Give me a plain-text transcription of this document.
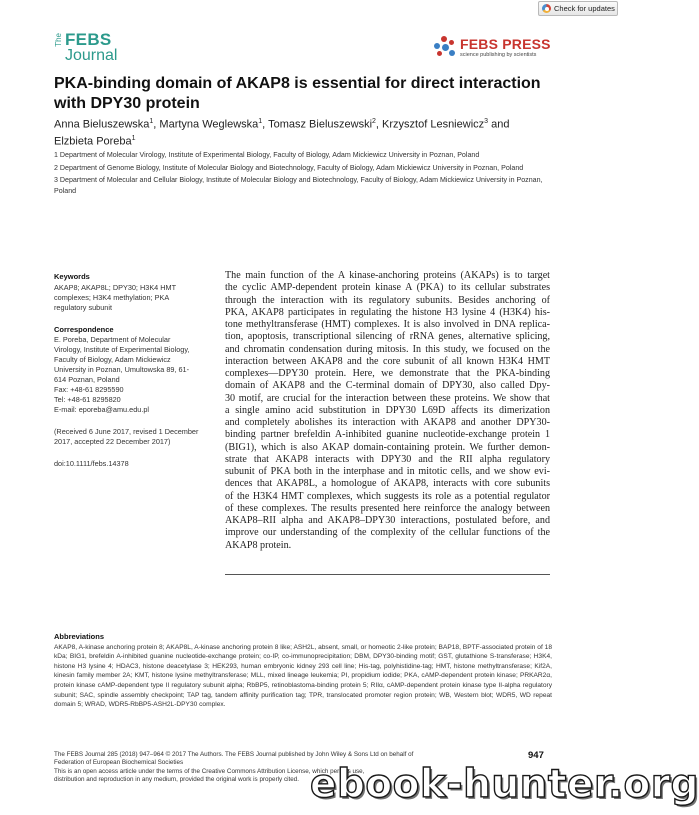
Check for updates
The FEBS
Journal
FEBS PRESS
science publishing by scientists
PKA-binding domain of AKAP8 is essential for direct interaction with DPY30 protein
Anna Bieluszewska$^1$, Martyna Weglewska$^1$, Tomasz Bieluszewski$^2$, Krzysztof Lesniewicz$^3$ and
Elzbieta Poreba$^1$
1 Department of Molecular Virology, Institute of Experimental Biology, Faculty of Biology, Adam Mickiewicz University in Poznan, Poland
2 Department of Genome Biology, Institute of Molecular Biology and Biotechnology, Faculty of Biology, Adam Mickiewicz University in Poznan, Poland
3 Department of Molecular and Cellular Biology, Institute of Molecular Biology and Biotechnology, Faculty of Biology, Adam Mickiewicz University in Poznan, Poland
Keywords
AKAP8; AKAP8L; DPY30; H3K4 HMT
complexes; H3K4 methylation; PKA
regulatory subunit
Correspondence
E. Poreba, Department of Molecular
Virology, Institute of Experimental Biology,
Faculty of Biology, Adam Mickiewicz
University in Poznan, Umultowska 89, 61-
614 Poznan, Poland
Fax: +48-61 8295590
Tel: +48-61 8295820
E-mail: eporeba@amu.edu.pl
(Received 6 June 2017, revised 1 December
2017, accepted 22 December 2017)
doi:10.1111/febs.14378
The main function of the A kinase-anchoring proteins (AKAPs) is to target
the cyclic AMP-dependent protein kinase A (PKA) to its cellular substrates
through the interaction with its regulatory subunits. Besides anchoring of
PKA, AKAP8 participates in regulating the histone H3 lysine 4 (H3K4) his-
tone methyltransferase (HMT) complexes. It is also involved in DNA replica-
tion, apoptosis, transcriptional silencing of rRNA genes, alternative splicing,
and chromatin condensation during mitosis. In this study, we focused on the
interaction between AKAP8 and the core subunit of all known H3K4 HMT
complexes—DPY30 protein. Here, we demonstrate that the PKA-binding
domain of AKAP8 and the C-terminal domain of DPY30, also called Dpy-
30 motif, are crucial for the interaction between these proteins. We show that
a single amino acid substitution in DPY30 L69D affects its dimerization
and completely abolishes its interaction with AKAP8 and another DPY30-
binding partner brefeldin A-inhibited guanine nucleotide-exchange protein 1
(BIG1), which is also AKAP domain-containing protein. We further demon-
strate that AKAP8 interacts with DPY30 and the RII alpha regulatory
subunit of PKA both in the interphase and in mitotic cells, and we show evi-
dences that AKAP8L, a homologue of AKAP8, interacts with core subunits
of the H3K4 HMT complexes, which suggests its role as a potential regulator
of these complexes. The results presented here reinforce the analogy between
AKAP8–RII alpha and AKAP8–DPY30 interactions, postulated before, and
improve our understanding of the complexity of the cellular functions of the
AKAP8 protein.
Abbreviations
AKAP8, A-kinase anchoring protein 8; AKAP8L, A-kinase anchoring protein 8 like; ASH2L, absent, small, or homeotic 2-like protein; BAP18, BPTF-associated protein of 18 kDa; BIG1, brefeldin A-inhibited guanine nucleotide-exchange protein; co-IP, co-immunoprecipitation; DBM, DPY30-binding motif; GST, glutathione S-transferase; H3K4, histone H3 lysine 4; HDAC3, histone deacetylase 3; HEK293, human embryonic kidney 293 cell line; His-tag, polyhistidine-tag; HMT, histone methyltransferase; Kif2A, kinesin family member 2A; KMT, histone lysine methyltransferase; MLL, mixed lineage leukemia; PI, propidium iodide; PKA, cAMP-dependent protein kinase; PRKAR2α, protein kinase cAMP-dependent type II regulatory subunit alpha; RbBP5, retinoblastoma-binding protein 5; RIIα, cAMP-dependent protein kinase type II-alpha regulatory subunit; SAC, spindle assembly checkpoint; TAP tag, tandem affinity purification tag; TPR, translocated promoter region protein; WB, Western blot; WDR5, WD repeat domain 5; WRAD, WDR5-RbBP5-ASH2L-DPY30 complex.
The FEBS Journal 285 (2018) 947–964 © 2017 The Authors. The FEBS Journal published by John Wiley & Sons Ltd on behalf of
Federation of European Biochemical Societies
This is an open access article under the terms of the Creative Commons Attribution License, which permits use,
distribution and reproduction in any medium, provided the original work is properly cited.
947
ebook-hunter.org
